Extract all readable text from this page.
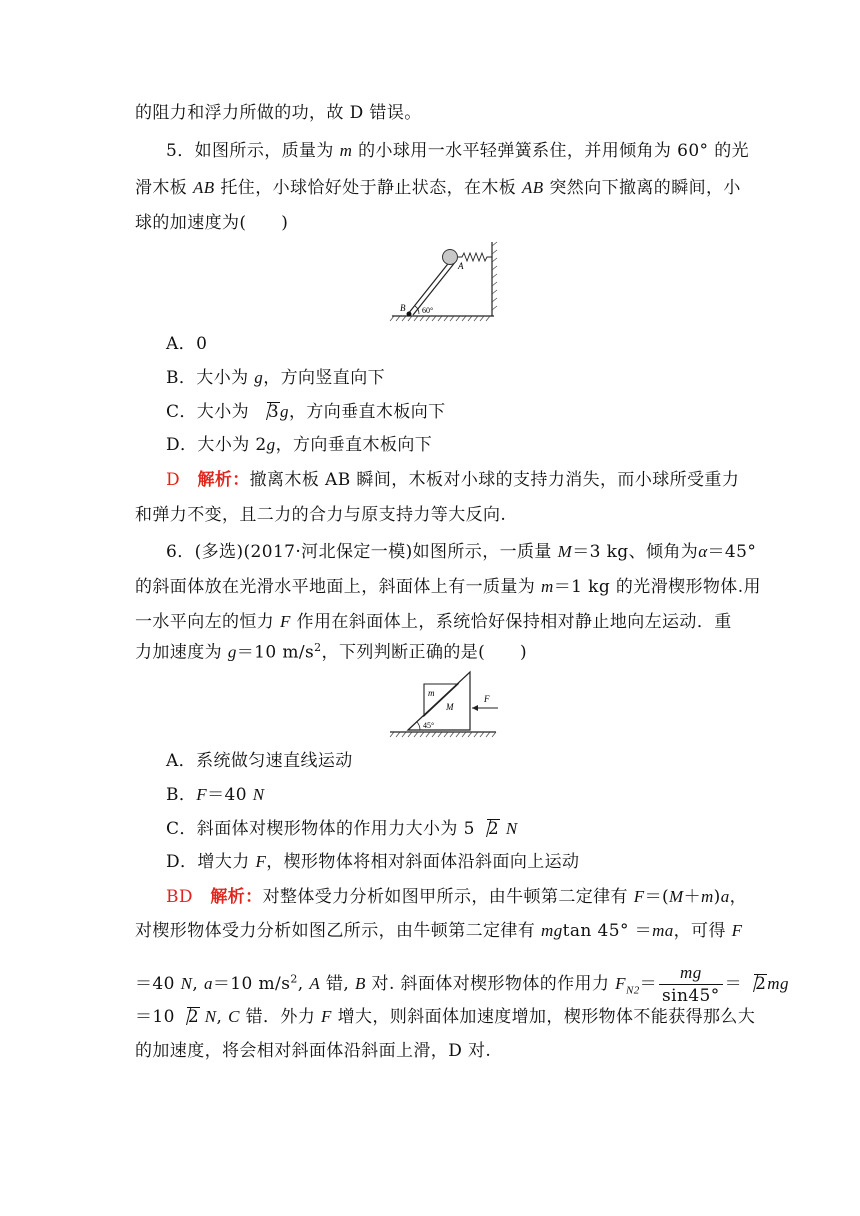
的阻力和浮力所做的功，故 D 错误。
5．如图所示，质量为 m 的小球用一水平轻弹簧系住，并用倾角为 60° 的光
滑木板 AB 托住，小球恰好处于静止状态，在木板 AB 突然向下撤离的瞬间，小
球的加速度为(　　)
A
B 60°
A．0
B．大小为 g，方向竖直向下
C．大小为 3g，方向垂直木板向下
D．大小为 2g，方向垂直木板向下
D 解析：撤离木板 AB 瞬间，木板对小球的支持力消失，而小球所受重力
和弹力不变，且二力的合力与原支持力等大反向.
6．(多选)(2017·河北保定一模)如图所示，一质量 M＝3 kg、倾角为α＝45°
的斜面体放在光滑水平地面上，斜面体上有一质量为 m＝1 kg 的光滑楔形物体.用
一水平向左的恒力 F 作用在斜面体上，系统恰好保持相对静止地向左运动．重
力加速度为 g＝10 $m/s^2$，下列判断正确的是(　　)
m
M
F
45°
A．系统做匀速直线运动
B．F＝40 N
C．斜面体对楔形物体的作用力大小为 5 2 N
D．增大力 F，楔形物体将相对斜面体沿斜面向上运动
BD 解析：对整体受力分析如图甲所示，由牛顿第二定律有 F＝(M＋m)a，
对楔形物体受力分析如图乙所示，由牛顿第二定律有 mgtan 45° ＝ma，可得 F
＝40 N, a＝10 $m/s^2$, A 错, B 对. 斜面体对楔形物体的作用力 $F_{N2}= \frac{mg}{\sin 45^\circ} = 2mg$
＝10 2 N, C 错．外力 F 增大，则斜面体加速度增加，楔形物体不能获得那么大
的加速度，将会相对斜面体沿斜面上滑，D 对.
